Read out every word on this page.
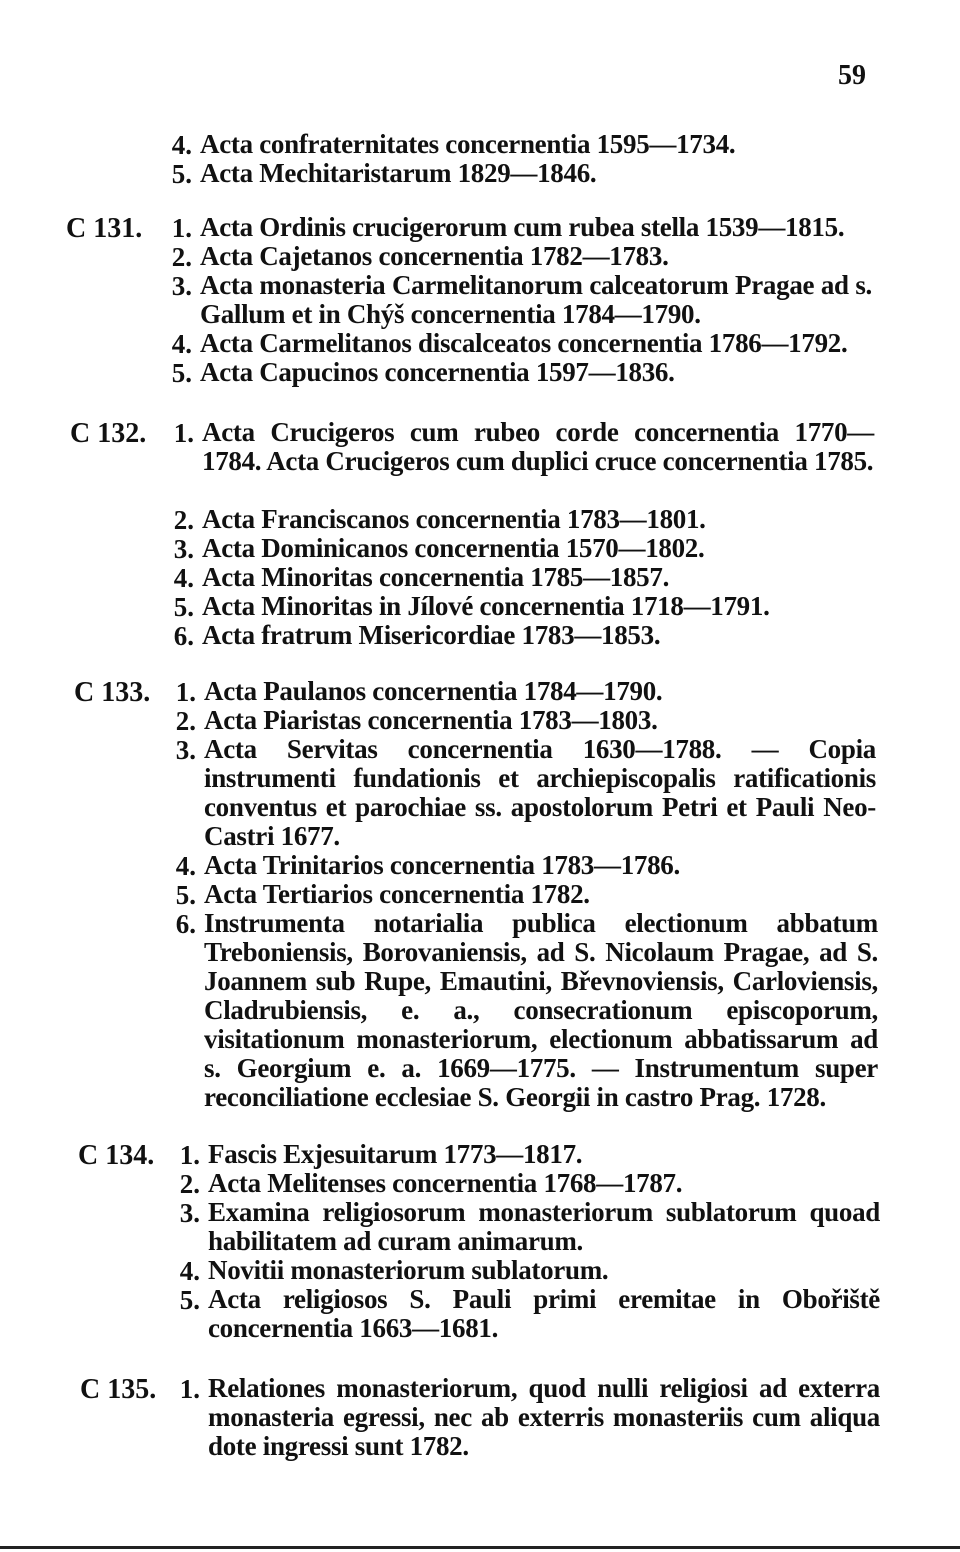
59
4. Acta confraternitates concernentia 1595—1734.
5. Acta Mechitaristarum 1829—1846.
C 131.	1. Acta Ordinis crucigerorum cum rubea stella 1539—1815.
2. Acta Cajetanos concernentia 1782—1783.
3. Acta monasteria Carmelitanorum calceatorum Pragae ad s. Gallum et in Chýš concernentia 1784—1790.
4. Acta Carmelitanos discalceatos concernentia 1786—1792.
5. Acta Capucinos concernentia 1597—1836.
C 132.	1. Acta Crucigeros cum rubeo corde concernentia 1770—1784. Acta Crucigeros cum duplici cruce concernentia 1785.
2. Acta Franciscanos concernentia 1783—1801.
3. Acta Dominicanos concernentia 1570—1802.
4. Acta Minoritas concernentia 1785—1857.
5. Acta Minoritas in Jílové concernentia 1718—1791.
6. Acta fratrum Misericordiae 1783—1853.
C 133. 1. Acta Paulanos concernentia 1784—1790.
2. Acta Piaristas concernentia 1783—1803.
3. Acta Servitas concernentia 1630—1788. — Copia instrumenti fundationis et archiepiscopalis ratificationis conventus et parochiae ss. apostolorum Petri et Pauli Neo-Castri 1677.
4. Acta Trinitarios concernentia 1783—1786.
5. Acta Tertiarios concernentia 1782.
6. Instrumenta notarialia publica electionum abbatum Treboniensis, Borovaniensis, ad S. Nicolaum Pragae, ad S. Joannem sub Rupe, Emautini, Břevnoviensis, Carloviensis, Cladrubiensis, e. a., consecrationum episcoporum, visitationum monasteriorum, electionum abbatissarum ad s. Georgium e. a. 1669—1775. — Instrumentum super reconciliatione ecclesiae S. Georgii in castro Prag. 1728.
C 134. 1. Fascis Exjesuitarum 1773—1817.
2. Acta Melitenses concernentia 1768—1787.
3. Examina religiosorum monasteriorum sublatorum quoad habilitatem ad curam animarum.
4. Novitii monasteriorum sublatorum.
5. Acta religiosos S. Pauli primi eremitae in Obořiště concernentia 1663—1681.
C 135. 1. Relationes monasteriorum, quod nulli religiosi ad exterra monasteria egressi, nec ab exterris monasteriis cum aliqua dote ingressi sunt 1782.
